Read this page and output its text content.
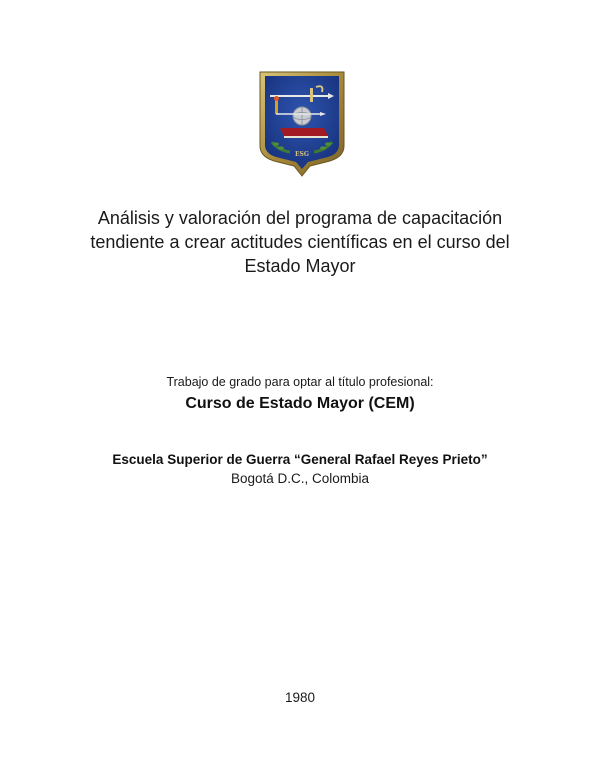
ESG
Análisis y valoración del programa de capacitación
tendiente a crear actitudes científicas en el curso del
Estado Mayor
Trabajo de grado para optar al título profesional:
Curso de Estado Mayor (CEM)
Escuela Superior de Guerra “General Rafael Reyes Prieto”
Bogotá D.C., Colombia
1980
